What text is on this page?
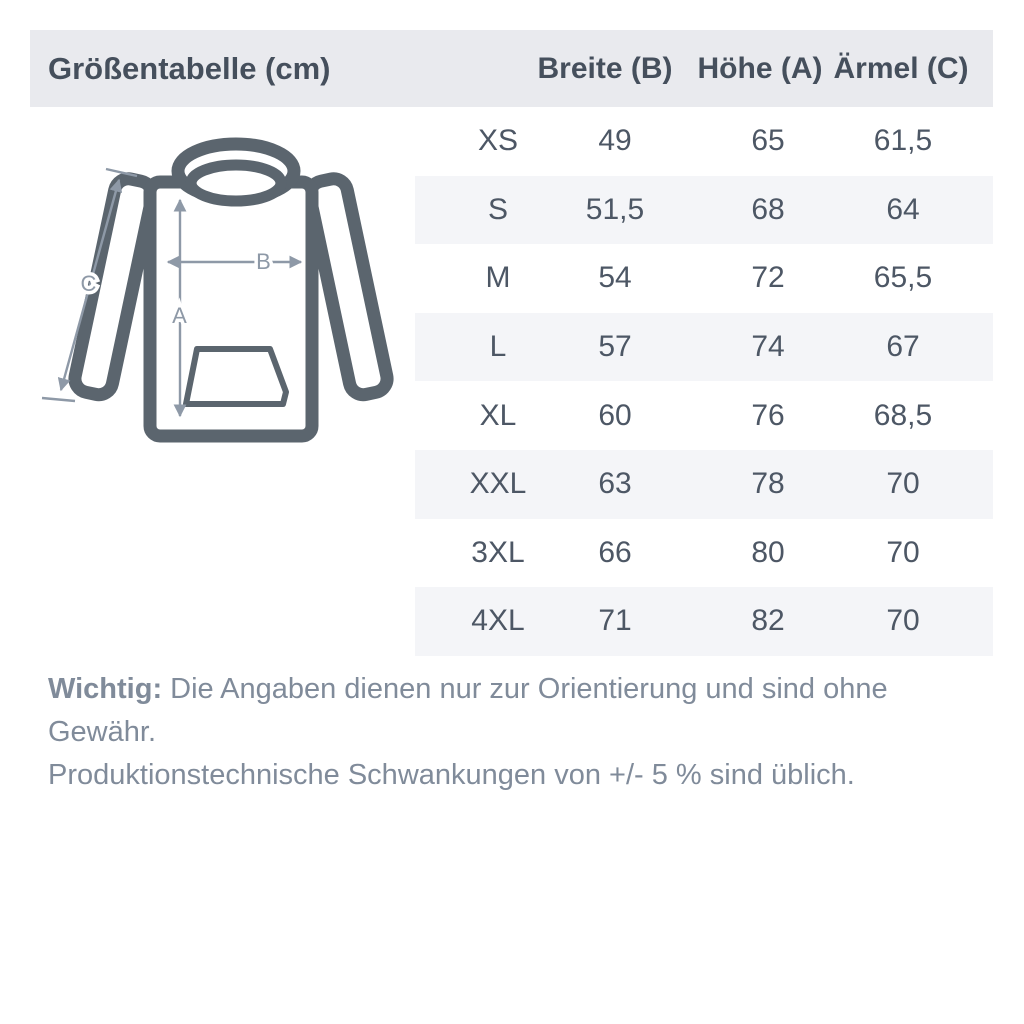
Größentabelle (cm)	Breite (B) Höhe (A) Ärmel (C)
A
B
C
XS	49	65	61,5
S	51,5	68	64
M	54	72	65,5
L	57	74	67
XL	60	76	68,5
XXL 63	78	70
3XL 66	80	70
4XL 71	82	70
Wichtig: Die Angaben dienen nur zur Orientierung und sind ohne Gewähr.
Produktionstechnische Schwankungen von +/- 5 % sind üblich.
